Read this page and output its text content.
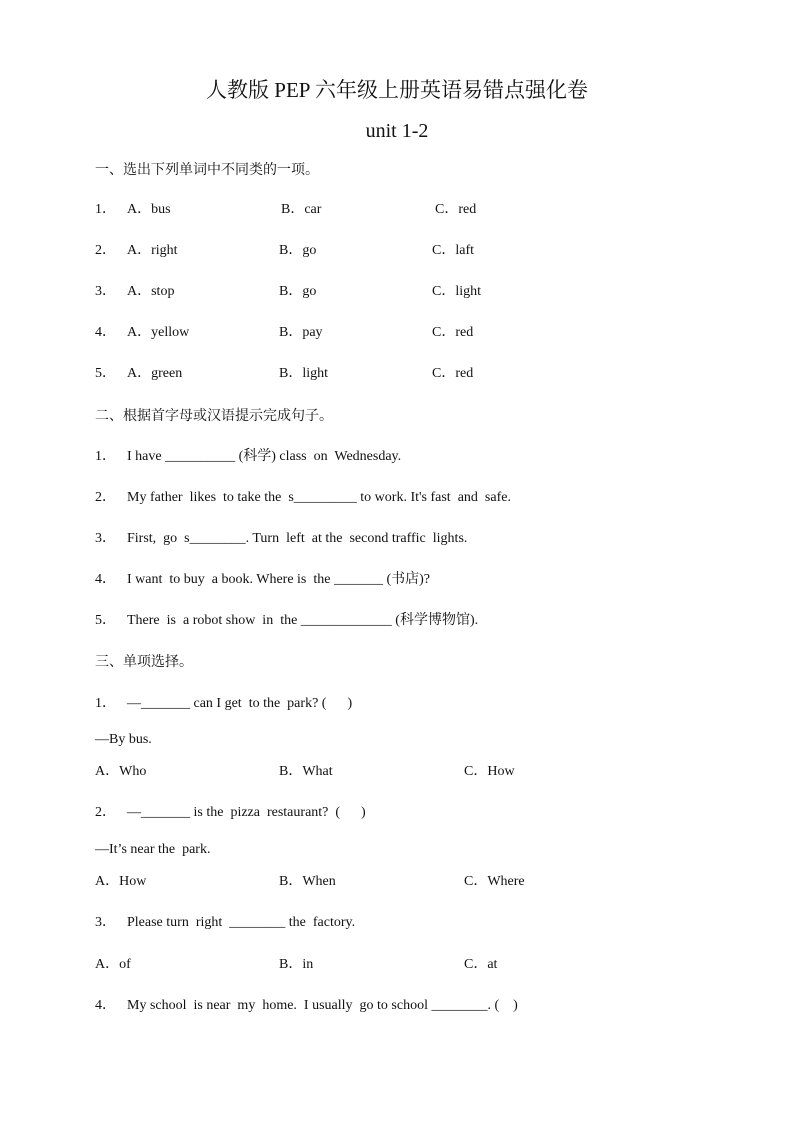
人教版 PEP 六年级上册英语易错点强化卷
unit 1-2
一、选出下列单词中不同类的一项。
1． A．bus	B．car	C．red
2． A．right	B．go	C．laft
3． A．stop	B．go	C．light
4． A．yellow	B．pay	C．red
5． A．green	B．light	C．red
二、根据首字母或汉语提示完成句子。
1． I have __________ (科学) class  on  Wednesday.
2． My father  likes  to take the  s_________ to work. It's fast  and  safe.
3． First,  go  s________. Turn  left  at the  second traffic  lights.
4． I want  to buy  a book. Where is  the _______ (书店)?
5． There  is  a robot show  in  the _____________ (科学博物馆).
三、单项选择。
1． —_______ can I get  to the  park? (      )
—By bus.
A．Who	B．What	C．How
2． —_______ is the  pizza  restaurant?  (      )
—It’s near the  park.
A．How	B．When	C．Where
3． Please turn  right  ________ the  factory.
A．of	B．in	C．at
4． My school  is near  my  home.  I usually  go to school ________. (    )
